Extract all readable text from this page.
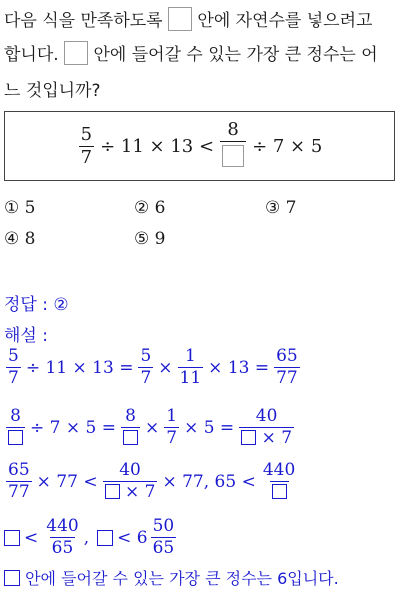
다음 식을 만족하도록 안에 자연수를 넣으려고
합니다. 안에 들어갈 수 있는 가장 큰 정수는 어
느 것입니까?
$\frac{5}{7} \div 11 \times 13$ <
8
÷ 7 × 5
① 5	② 6	③ 7
④ 8	⑤ 9
정답 : ②
해설 :
$\frac{5}{7} \div 11 \times 13 = \frac{5}{7} \times \frac{1}{11} \times 13 = \frac{65}{77}$
8
÷ 7 × 5 =
8
× $\frac{1}{7} \times 5 = \frac{40}{\times 7}$
$\frac{65}{77} \times 77 < \frac{40}{\times 7} \times 77$, 65 <
440
< $\frac{440}{65}$ , < $6 \frac{50}{65}$
안에 들어갈 수 있는 가장 큰 정수는 6입니다.
